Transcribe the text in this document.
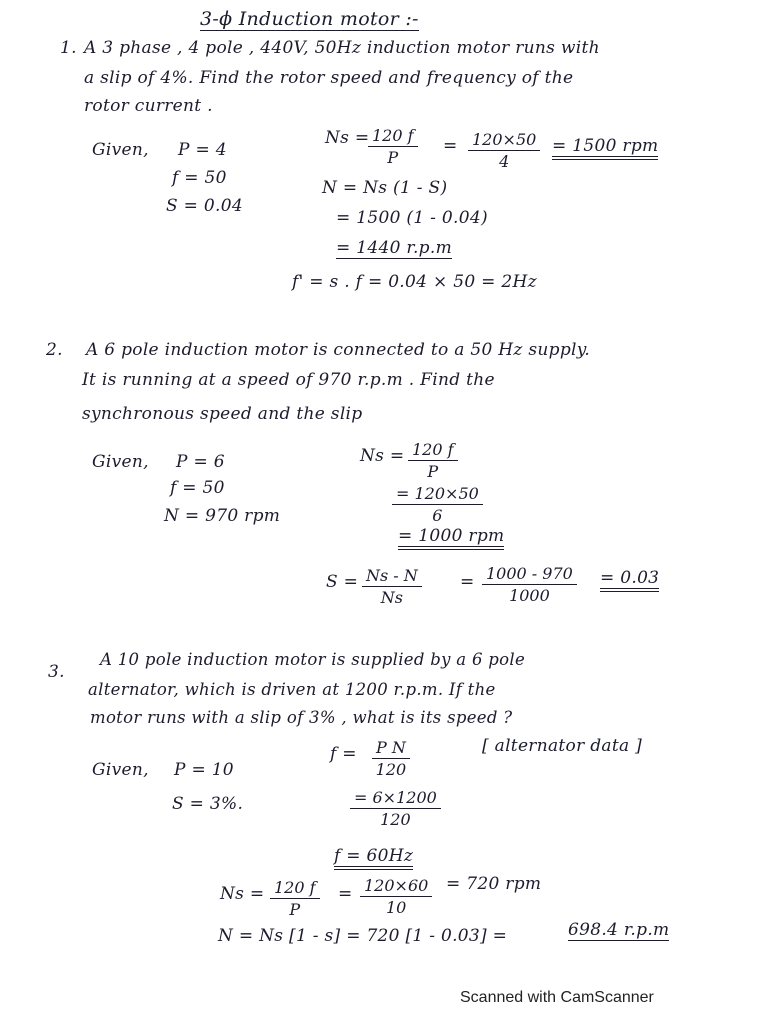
3-ϕ Induction motor :-
1. A 3 phase , 4 pole , 440V, 50Hz induction motor runs with
a slip of 4%. Find the rotor speed and frequency of the
rotor current .
Given, P = 4
f = 50
S = 0.04
Ns =
$\frac{120 f}{P} = \frac{120\times 50}{4} = 1500$ rpm
N = Ns (1 - S)
= 1500 (1 - 0.04)
= 1440 r.p.m
f' = s . f = 0.04 × 50 = 2Hz
2. A 6 pole induction motor is connected to a 50 Hz supply.
It is running at a speed of 970 r.p.m . Find the
synchronous speed and the slip
Given, P = 6
f = 50
N = 970 rpm
$Ns = \frac{120 f}{P}$
$\frac{= 120\times 50}{6}$
= 1000 rpm
$S = \frac{Ns - N}{Ns} = \frac{1000 - 970}{1000} = 0.03$
3.
A 10 pole induction motor is supplied by a 6 pole
alternator, which is driven at 1200 r.p.m. If the
motor runs with a slip of 3% , what is its speed ?
Given, P = 10
S = 3%.
$f = \frac{\text{P N}}{120}$	[ alternator data ]
$\frac{= 6\times 1200}{120}$
f = 60Hz
$Ns = \frac{120 f}{P} = \frac{120\times 60}{10} = 720$ rpm
N = Ns [1 - s] = 720 [1 - 0.03] =	698.4 r.p.m
Scanned with CamScanner
